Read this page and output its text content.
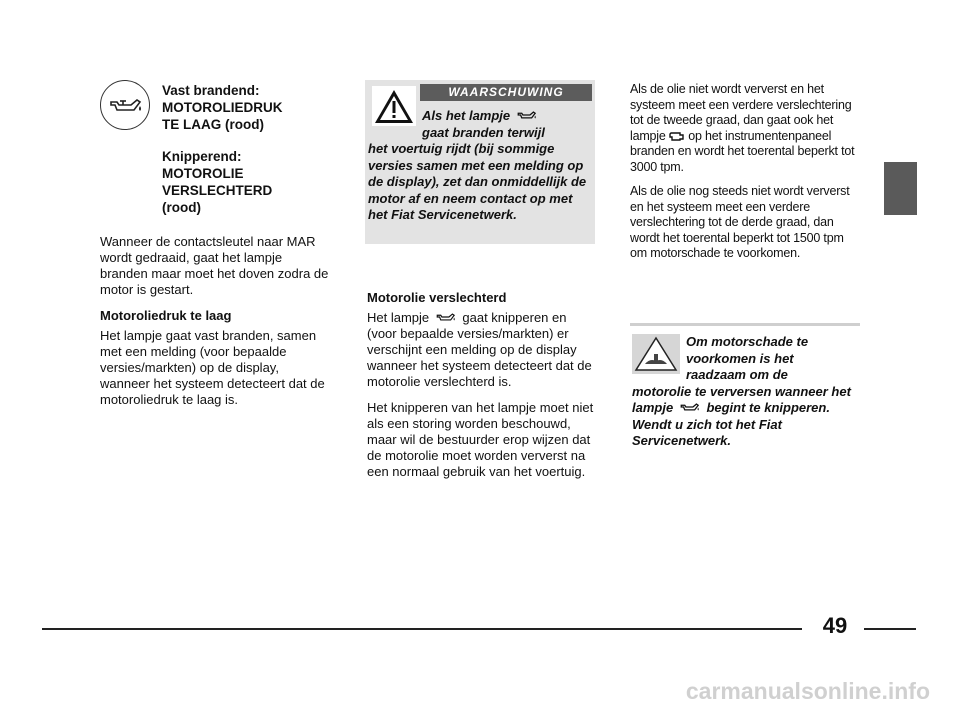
Vast brandend:
MOTOROLIEDRUK
TE LAAG (rood)
Knipperend:
MOTOROLIE
VERSLECHTERD
(rood)

Wanneer de contactsleutel naar MAR wordt gedraaid, gaat het lampje branden maar moet het doven zodra de motor is gestart.

Motoroliedruk te laag

Het lampje gaat vast branden, samen met een melding (voor bepaalde versies/markten) op de display, wanneer het systeem detecteert dat de motoroliedruk te laag is.

WAARSCHUWING
Als het lampje
gaat branden terwijl
het voertuig rijdt (bij sommige versies samen met een melding op de display), zet dan onmiddellijk de motor af en neem contact op met het Fiat Servicenetwerk.
Motorolie verslechterd

Het lampje	gaat knipperen en (voor bepaalde versies/markten) er verschijnt een melding op de display wanneer het systeem detecteert dat de motorolie verslechterd is.

Het knipperen van het lampje moet niet als een storing worden beschouwd, maar wil de bestuurder erop wijzen dat de motorolie moet worden ververst na een normaal gebruik van het voertuig.

Als de olie niet wordt ververst en het systeem meet een verdere verslechtering tot de tweede graad, dan gaat ook het lampje op het instrumentenpaneel branden en wordt het toerental beperkt tot 3000 tpm.

Als de olie nog steeds niet wordt ververst en het systeem meet een verdere verslechtering tot de derde graad, dan wordt het toerental beperkt tot 1500 tpm om motorschade te voorkomen.

Om motorschade te
voorkomen is het
raadzaam om de
motorolie te verversen wanneer het lampje	begint te knipperen. Wendt u zich tot het Fiat Servicenetwerk.
49
carmanualsonline.info
